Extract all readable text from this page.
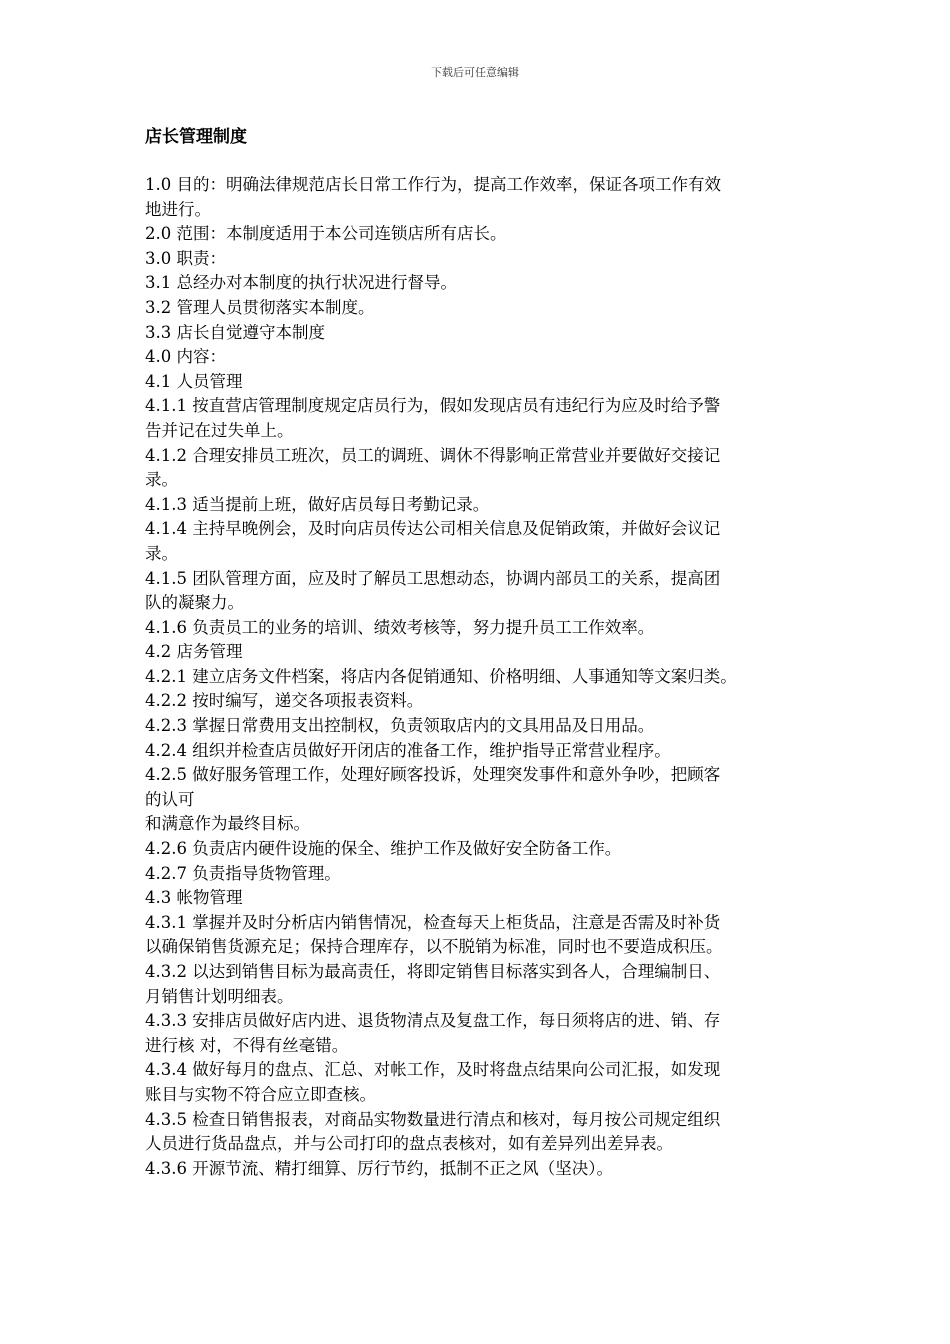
下载后可任意编辑
店长管理制度
1.0 目的：明确法律规范店长日常工作行为，提高工作效率，保证各项工作有效
地进行。
2.0 范围：本制度适用于本公司连锁店所有店长。
3.0 职责：
3.1 总经办对本制度的执行状况进行督导。
3.2 管理人员贯彻落实本制度。
3.3 店长自觉遵守本制度
4.0 内容：
4.1 人员管理
4.1.1 按直营店管理制度规定店员行为，假如发现店员有违纪行为应及时给予警
告并记在过失单上。
4.1.2 合理安排员工班次，员工的调班、调休不得影响正常营业并要做好交接记
录。
4.1.3 适当提前上班，做好店员每日考勤记录。
4.1.4 主持早晚例会，及时向店员传达公司相关信息及促销政策，并做好会议记
录。
4.1.5 团队管理方面，应及时了解员工思想动态，协调内部员工的关系，提高团
队的凝聚力。
4.1.6 负责员工的业务的培训、绩效考核等，努力提升员工工作效率。
4.2 店务管理
4.2.1 建立店务文件档案，将店内各促销通知、价格明细、人事通知等文案归类。
4.2.2 按时编写，递交各项报表资料。
4.2.3 掌握日常费用支出控制权，负责领取店内的文具用品及日用品。
4.2.4 组织并检查店员做好开闭店的准备工作，维护指导正常营业程序。
4.2.5 做好服务管理工作，处理好顾客投诉，处理突发事件和意外争吵，把顾客
的认可
和满意作为最终目标。
4.2.6 负责店内硬件设施的保全、维护工作及做好安全防备工作。
4.2.7 负责指导货物管理。
4.3 帐物管理
4.3.1 掌握并及时分析店内销售情况，检查每天上柜货品，注意是否需及时补货
以确保销售货源充足；保持合理库存，以不脱销为标准，同时也不要造成积压。
4.3.2 以达到销售目标为最高责任，将即定销售目标落实到各人，合理编制日、
月销售计划明细表。
4.3.3 安排店员做好店内进、退货物清点及复盘工作，每日须将店的进、销、存
进行核 对，不得有丝毫错。
4.3.4 做好每月的盘点、汇总、对帐工作，及时将盘点结果向公司汇报，如发现
账目与实物不符合应立即查核。
4.3.5 检查日销售报表，对商品实物数量进行清点和核对，每月按公司规定组织
人员进行货品盘点，并与公司打印的盘点表核对，如有差异列出差异表。
4.3.6 开源节流、精打细算、厉行节约，抵制不正之风（坚决）。
